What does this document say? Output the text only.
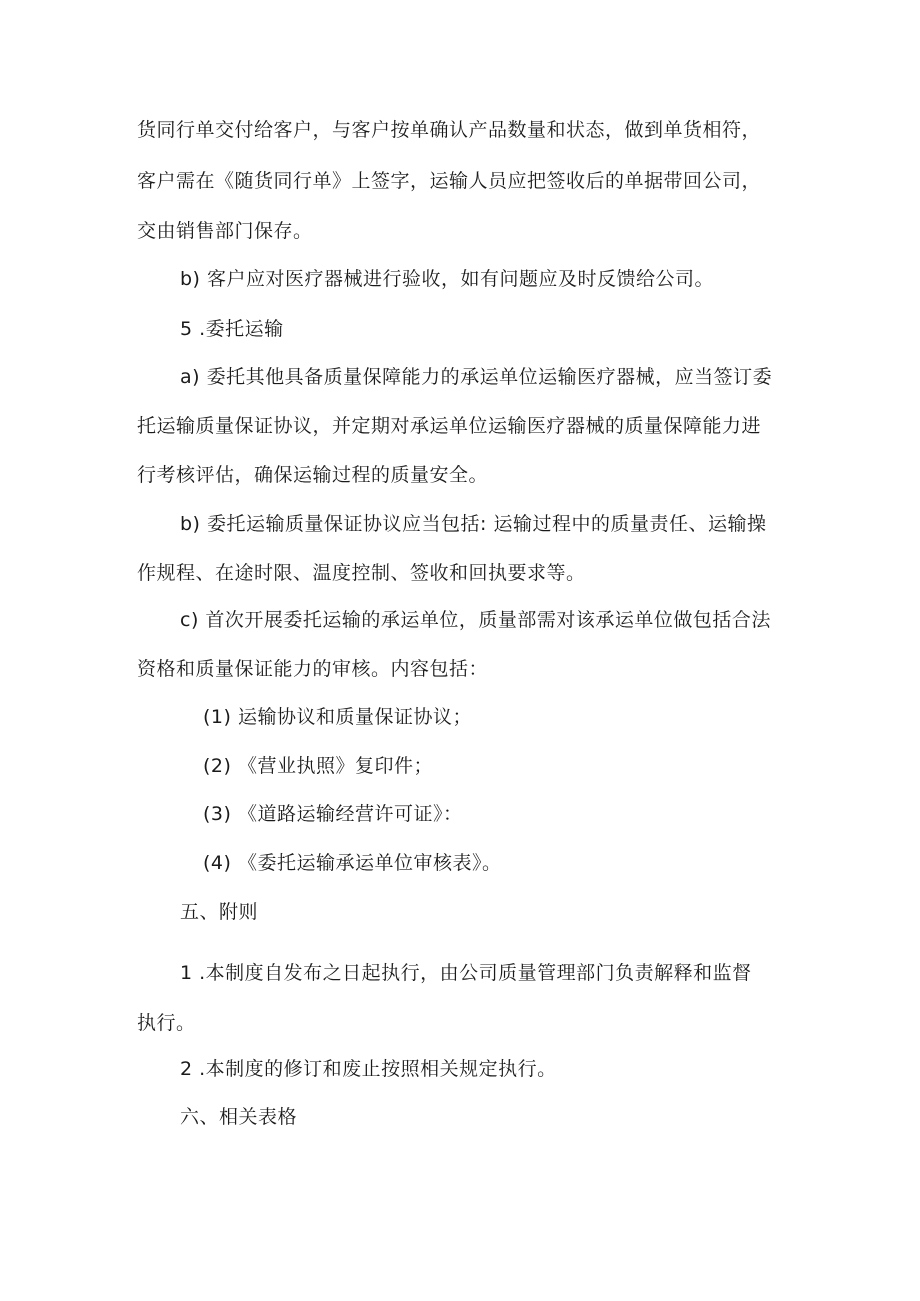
货同行单交付给客户，与客户按单确认产品数量和状态，做到单货相符，
客户需在《随货同行单》上签字，运输人员应把签收后的单据带回公司，
交由销售部门保存。
b) 客户应对医疗器械进行验收，如有问题应及时反馈给公司。
5 .委托运输
a) 委托其他具备质量保障能力的承运单位运输医疗器械，应当签订委
托运输质量保证协议，并定期对承运单位运输医疗器械的质量保障能力进
行考核评估，确保运输过程的质量安全。
b) 委托运输质量保证协议应当包括: 运输过程中的质量责任、运输操
作规程、在途时限、温度控制、签收和回执要求等。
c) 首次开展委托运输的承运单位，质量部需对该承运单位做包括合法
资格和质量保证能力的审核。内容包括：
(1) 运输协议和质量保证协议；
(2) 《营业执照》复印件；
(3) 《道路运输经营许可证》：
(4) 《委托运输承运单位审核表》。
五、附则
1 .本制度自发布之日起执行，由公司质量管理部门负责解释和监督
执行。
2 .本制度的修订和废止按照相关规定执行。
六、相关表格
